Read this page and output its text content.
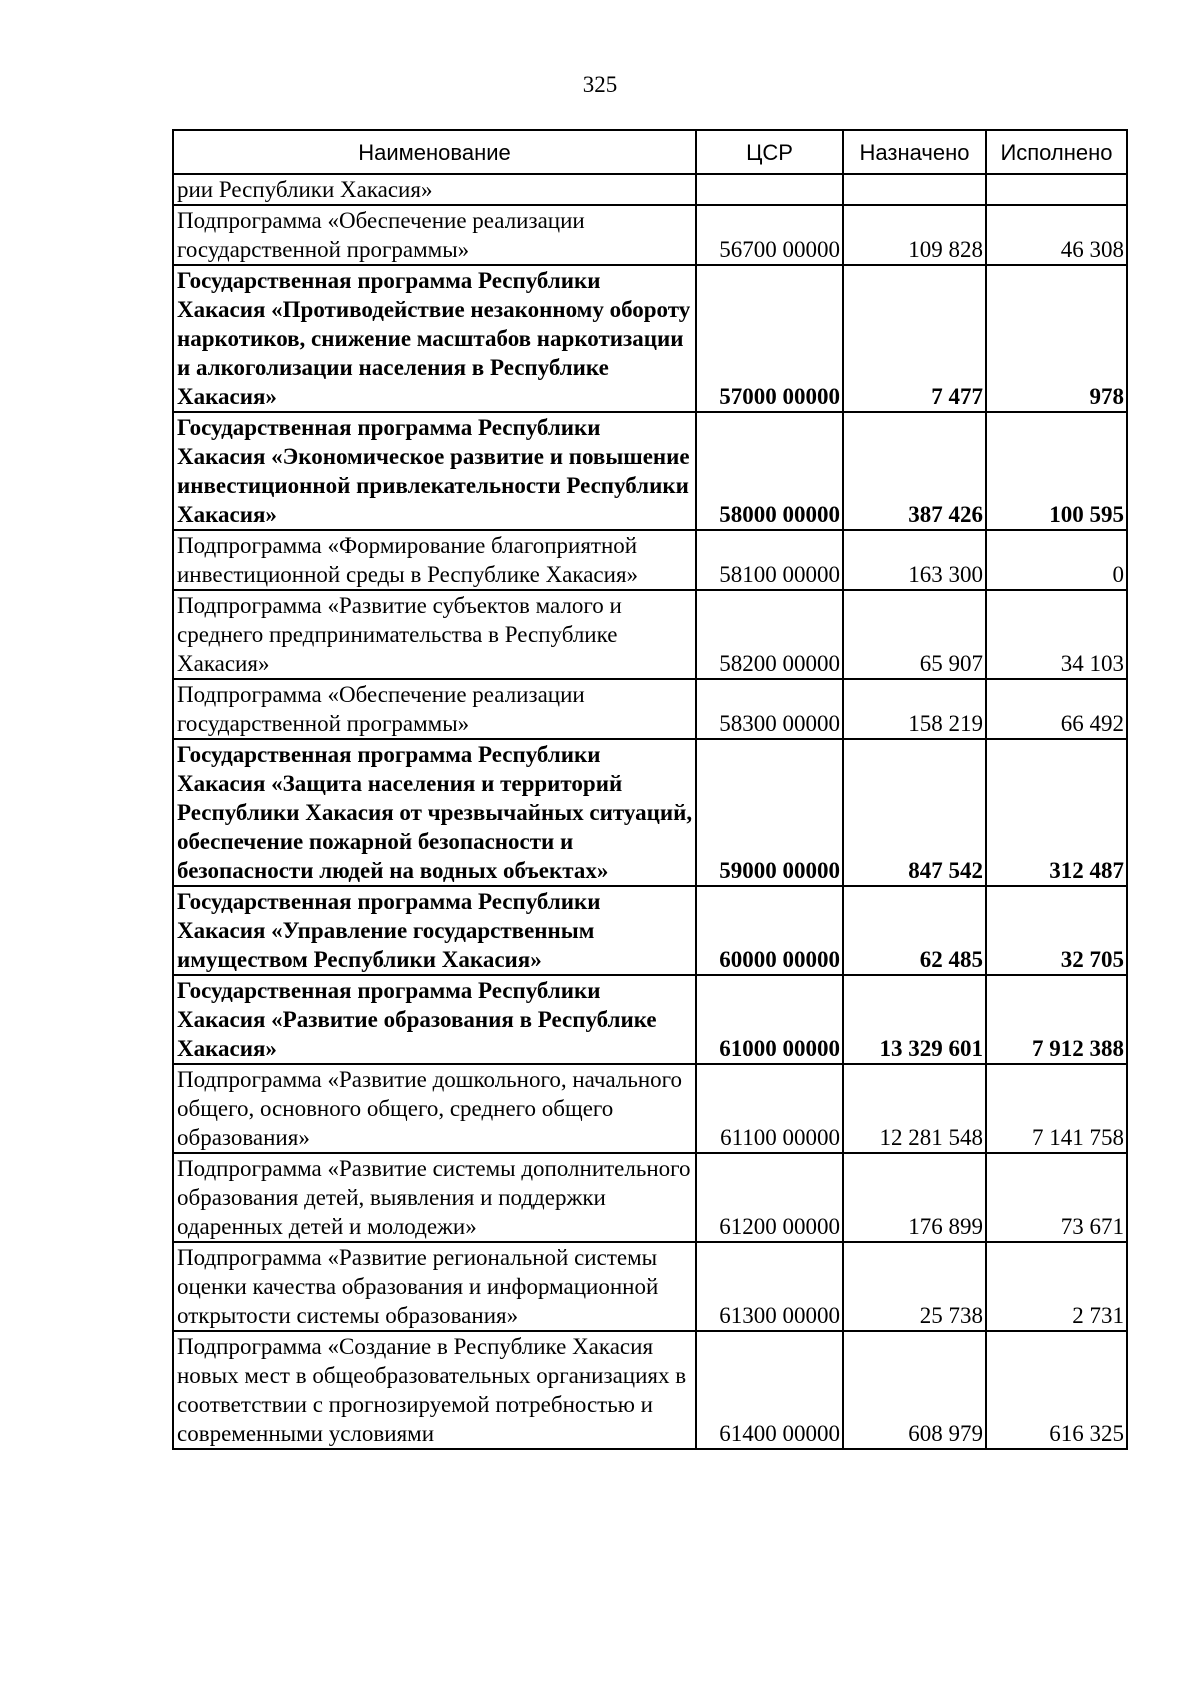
325
Наименование	ЦСР	Назначено	Исполнено
рии Республики Хакасия»			
Подпрограмма «Обеспечение реализации государственной программы»	56700 00000	109 828	46 308
Государственная программа Республики Хакасия «Противодействие незаконному обороту наркотиков, снижение масштабов наркотизации и алкоголизации населения в Республике Хакасия»	57000 00000	7 477	978
Государственная программа Республики Хакасия «Экономическое развитие и повышение инвестиционной привлекательности Республики Хакасия»	58000 00000	387 426	100 595
Подпрограмма «Формирование благоприятной инвестиционной среды в Республике Хакасия»	58100 00000	163 300	0
Подпрограмма «Развитие субъектов малого и среднего предпринимательства в Республике Хакасия»	58200 00000	65 907	34 103
Подпрограмма «Обеспечение реализации государственной программы»	58300 00000	158 219	66 492
Государственная программа Республики Хакасия «Защита населения и территорий Республики Хакасия от чрезвычайных ситуаций, обеспечение пожарной безопасности и безопасности людей на водных объектах»	59000 00000	847 542	312 487
Государственная программа Республики Хакасия «Управление государственным имуществом Республики Хакасия»	60000 00000	62 485	32 705
Государственная программа Республики Хакасия «Развитие образования в Республике Хакасия»	61000 00000	13 329 601	7 912 388
Подпрограмма «Развитие дошкольного, начального общего, основного общего, среднего общего образования»	61100 00000	12 281 548	7 141 758
Подпрограмма «Развитие системы дополнительного образования детей, выявления и поддержки одаренных детей и молодежи»	61200 00000	176 899	73 671
Подпрограмма «Развитие региональной системы оценки качества образования и информационной открытости системы образования»	61300 00000	25 738	2 731
Подпрограмма «Создание в Республике Хакасия новых мест в общеобразовательных организациях в соответствии с прогнозируемой потребностью и современными условиями	61400 00000	608 979	616 325
